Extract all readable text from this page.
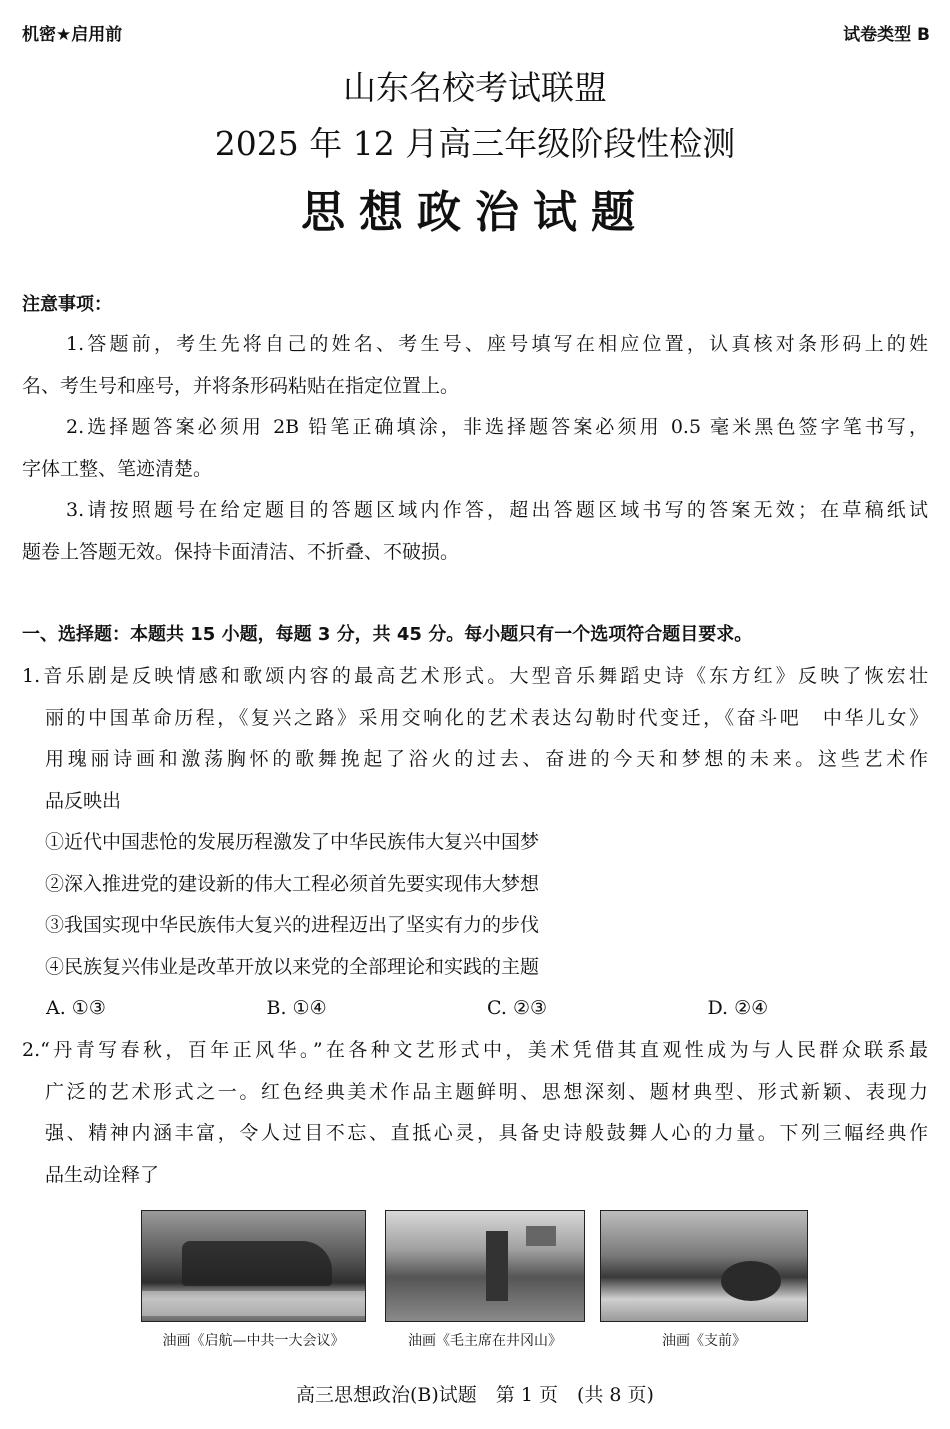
机密★启用前	试卷类型 B
山东名校考试联盟
2025 年 12 月高三年级阶段性检测
思想政治试题
注意事项：
1.答题前，考生先将自己的姓名、考生号、座号填写在相应位置，认真核对条形码上的姓
名、考生号和座号，并将条形码粘贴在指定位置上。
2.选择题答案必须用 2B 铅笔正确填涂，非选择题答案必须用 0.5 毫米黑色签字笔书写，
字体工整、笔迹清楚。
3.请按照题号在给定题目的答题区域内作答，超出答题区域书写的答案无效；在草稿纸试
题卷上答题无效。保持卡面清洁、不折叠、不破损。
一、选择题：本题共 15 小题，每题 3 分，共 45 分。每小题只有一个选项符合题目要求。
1.音乐剧是反映情感和歌颂内容的最高艺术形式。大型音乐舞蹈史诗《东方红》反映了恢宏壮
丽的中国革命历程，《复兴之路》采用交响化的艺术表达勾勒时代变迁，《奋斗吧　中华儿女》
用瑰丽诗画和激荡胸怀的歌舞挽起了浴火的过去、奋进的今天和梦想的未来。这些艺术作
品反映出
①近代中国悲怆的发展历程激发了中华民族伟大复兴中国梦
②深入推进党的建设新的伟大工程必须首先要实现伟大梦想
③我国实现中华民族伟大复兴的进程迈出了坚实有力的步伐
④民族复兴伟业是改革开放以来党的全部理论和实践的主题
A. ①③	B. ①④	C. ②③	D. ②④
2.“丹青写春秋，百年正风华。”在各种文艺形式中，美术凭借其直观性成为与人民群众联系最
广泛的艺术形式之一。红色经典美术作品主题鲜明、思想深刻、题材典型、形式新颖、表现力
强、精神内涵丰富，令人过目不忘、直抵心灵，具备史诗般鼓舞人心的力量。下列三幅经典作
品生动诠释了
油画《启航—中共一大会议》	油画《毛主席在井冈山》	油画《支前》
高三思想政治(B)试题　第 1 页　(共 8 页)
